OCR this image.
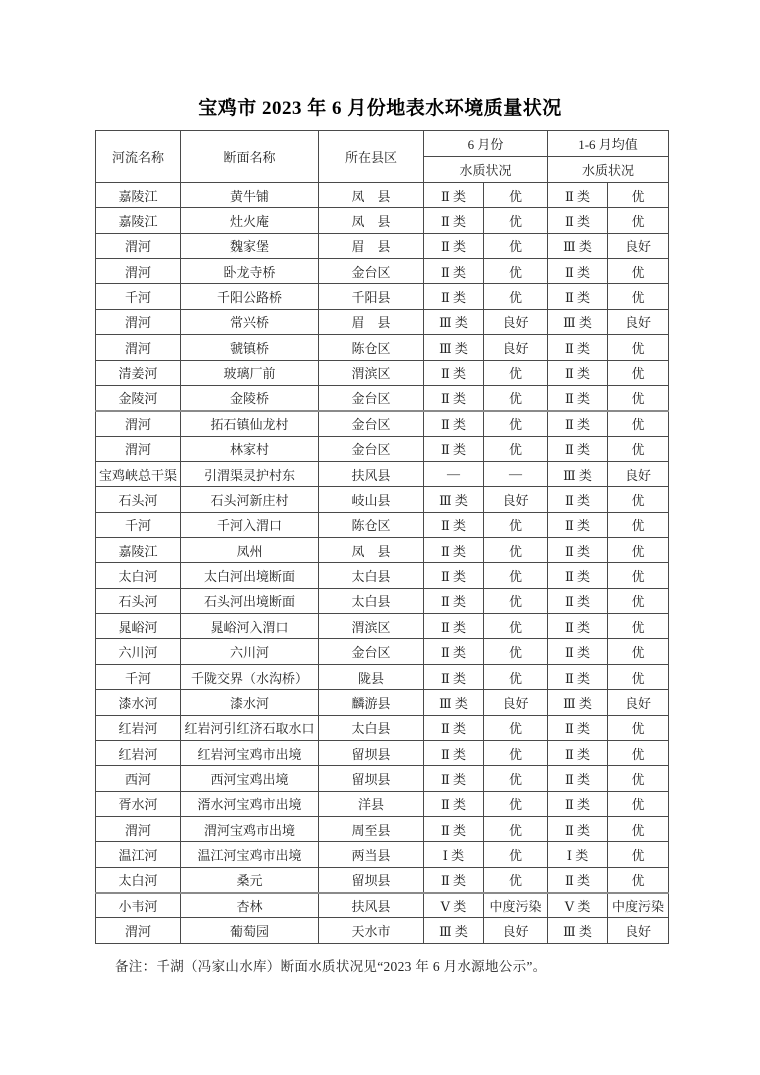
宝鸡市 2023 年 6 月份地表水环境质量状况
河流名称	断面名称	所在县区	6 月份		1-6 月均值	
			水质状况		水质状况	
嘉陵江	黄牛铺	凤　县	Ⅱ 类	优	Ⅱ 类	优
嘉陵江	灶火庵	凤　县	Ⅱ 类	优	Ⅱ 类	优
渭河	魏家堡	眉　县	Ⅱ 类	优	Ⅲ 类	良好
渭河	卧龙寺桥	金台区	Ⅱ 类	优	Ⅱ 类	优
千河	千阳公路桥	千阳县	Ⅱ 类	优	Ⅱ 类	优
渭河	常兴桥	眉　县	Ⅲ 类	良好	Ⅲ 类	良好
渭河	虢镇桥	陈仓区	Ⅲ 类	良好	Ⅱ 类	优
清姜河	玻璃厂前	渭滨区	Ⅱ 类	优	Ⅱ 类	优
金陵河	金陵桥	金台区	Ⅱ 类	优	Ⅱ 类	优
渭河	拓石镇仙龙村	金台区	Ⅱ 类	优	Ⅱ 类	优
渭河	林家村	金台区	Ⅱ 类	优	Ⅱ 类	优
宝鸡峡总干渠	引渭渠灵护村东	扶风县	—	—	Ⅲ 类	良好
石头河	石头河新庄村	岐山县	Ⅲ 类	良好	Ⅱ 类	优
千河	千河入渭口	陈仓区	Ⅱ 类	优	Ⅱ 类	优
嘉陵江	凤州	凤　县	Ⅱ 类	优	Ⅱ 类	优
太白河	太白河出境断面	太白县	Ⅱ 类	优	Ⅱ 类	优
石头河	石头河出境断面	太白县	Ⅱ 类	优	Ⅱ 类	优
晁峪河	晁峪河入渭口	渭滨区	Ⅱ 类	优	Ⅱ 类	优
六川河	六川河	金台区	Ⅱ 类	优	Ⅱ 类	优
千河	千陇交界（水沟桥）	陇县	Ⅱ 类	优	Ⅱ 类	优
漆水河	漆水河	麟游县	Ⅲ 类	良好	Ⅲ 类	良好
红岩河	红岩河引红济石取水口	太白县	Ⅱ 类	优	Ⅱ 类	优
红岩河	红岩河宝鸡市出境	留坝县	Ⅱ 类	优	Ⅱ 类	优
西河	西河宝鸡出境	留坝县	Ⅱ 类	优	Ⅱ 类	优
胥水河	湑水河宝鸡市出境	洋县	Ⅱ 类	优	Ⅱ 类	优
渭河	渭河宝鸡市出境	周至县	Ⅱ 类	优	Ⅱ 类	优
温江河	温江河宝鸡市出境	两当县	Ⅰ 类	优	Ⅰ 类	优
太白河	桑元	留坝县	Ⅱ 类	优	Ⅱ 类	优
小韦河	杏林	扶风县	Ⅴ 类	中度污染	Ⅴ 类	中度污染
渭河	葡萄园	天水市	Ⅲ 类	良好	Ⅲ 类	良好
备注：千湖（冯家山水库）断面水质状况见“2023 年 6 月水源地公示”。
